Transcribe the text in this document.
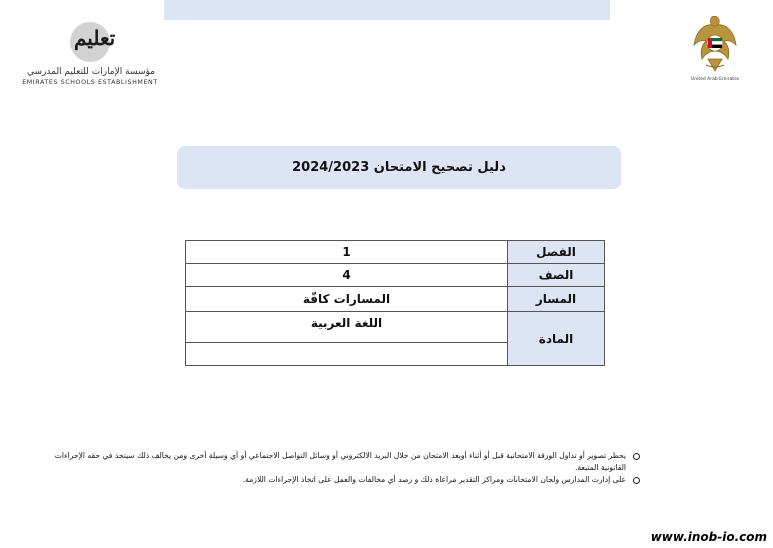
تعليم
مؤسسة الإمارات للتعليم المدرسي
EMIRATES SCHOOLS ESTABLISHMENT	United Arab Emirates
دليل تصحيح الامتحان 2024/2023
الفصل	1
الصف	4
المسار	المسارات كافّة
المادة	اللغة العربية

يحظر تصوير أو تداول الورقة الامتحانية قبل أو أثناء أوبعد الامتحان من خلال البريد الالكتروني أو وسائل التواصل الاجتماعي أو أي وسيلة أخرى ومن يخالف ذلك سيتخذ في حقه الإجراءات القانونية المتبعة.
على إدارت المدارس ولجان الامتحانات ومراكز التقدير مراعاة ذلك و رصد أي مخالفات والعمل على اتخاذ الإجراءات اللازمة.
www.inob-io.com
